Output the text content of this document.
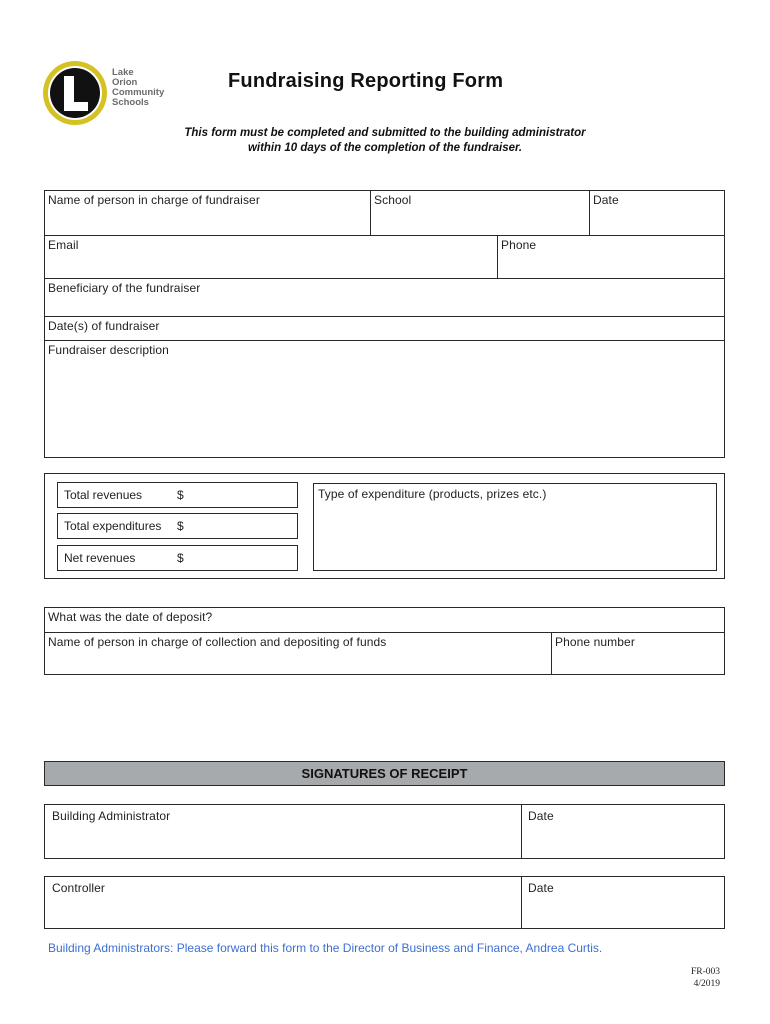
Lake
Orion
Community
Schools
Fundraising Reporting Form
This form must be completed and submitted to the building administrator
within 10 days of the completion of the fundraiser.
Name of person in charge of fundraiser	School	Date
Email	Phone
Beneficiary of the fundraiser
Date(s) of fundraiser
Fundraiser description
Total revenues	$
Total expenditures $
Net revenues	$
Type of expenditure (products, prizes etc.)
What was the date of deposit?
Name of person in charge of collection and depositing of funds	Phone number
SIGNATURES OF RECEIPT
Building Administrator	Date
Controller	Date
Building Administrators: Please forward this form to the Director of Business and Finance, Andrea Curtis.
FR-003
4/2019
